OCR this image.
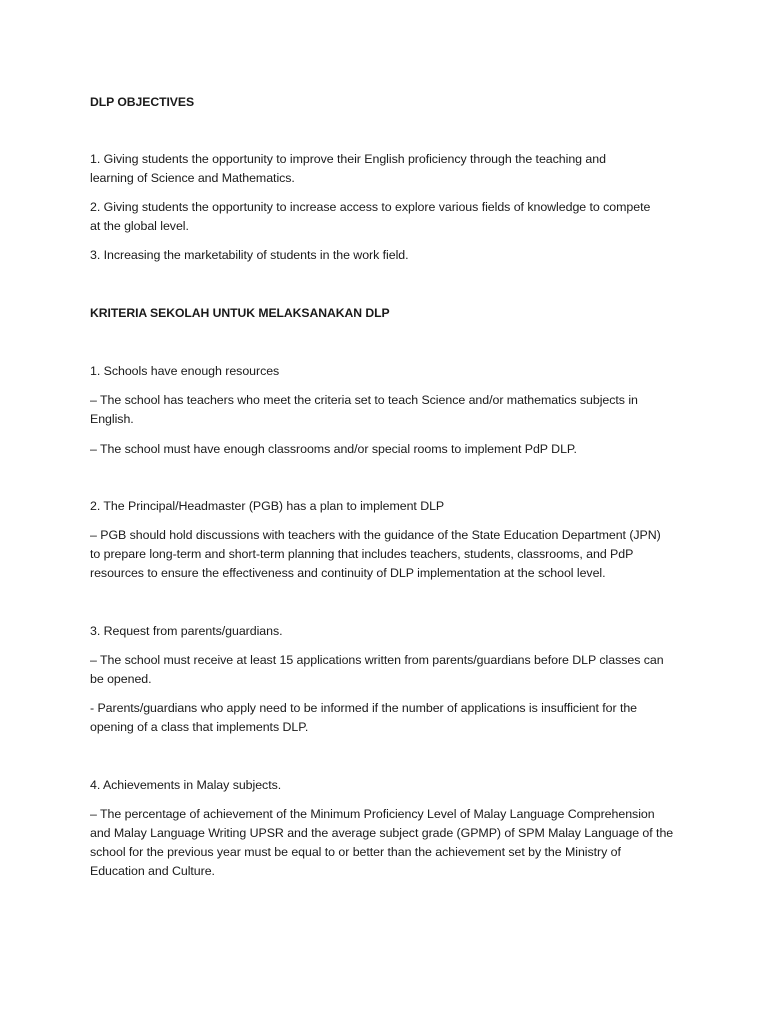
DLP OBJECTIVES

1. Giving students the opportunity to improve their English proficiency through the teaching and

learning of Science and Mathematics.

2. Giving students the opportunity to increase access to explore various fields of knowledge to compete

at the global level.

3. Increasing the marketability of students in the work field.

KRITERIA SEKOLAH UNTUK MELAKSANAKAN DLP

1. Schools have enough resources

– The school has teachers who meet the criteria set to teach Science and/or mathematics subjects in

English.

– The school must have enough classrooms and/or special rooms to implement PdP DLP.

2. The Principal/Headmaster (PGB) has a plan to implement DLP

– PGB should hold discussions with teachers with the guidance of the State Education Department (JPN)

to prepare long-term and short-term planning that includes teachers, students, classrooms, and PdP

resources to ensure the effectiveness and continuity of DLP implementation at the school level.

3. Request from parents/guardians.

– The school must receive at least 15 applications written from parents/guardians before DLP classes can

be opened.

- Parents/guardians who apply need to be informed if the number of applications is insufficient for the

opening of a class that implements DLP.

4. Achievements in Malay subjects.

– The percentage of achievement of the Minimum Proficiency Level of Malay Language Comprehension

and Malay Language Writing UPSR and the average subject grade (GPMP) of SPM Malay Language of the

school for the previous year must be equal to or better than the achievement set by the Ministry of

Education and Culture.
